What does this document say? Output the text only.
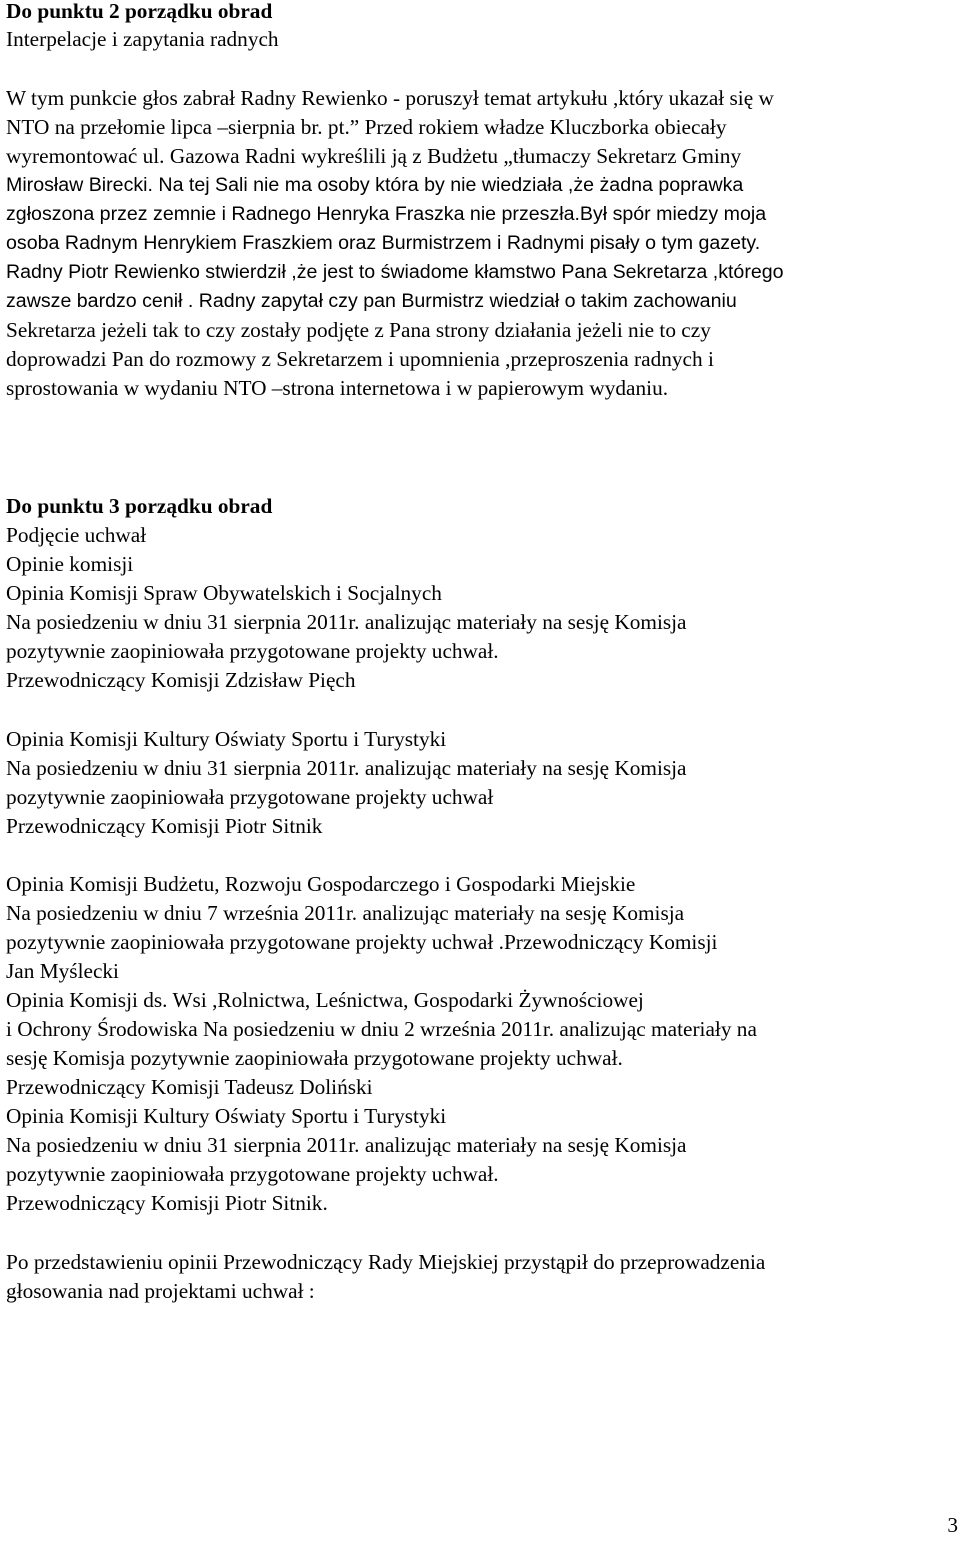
Do punktu 2 porządku obrad
Interpelacje i zapytania radnych
W tym punkcie głos zabrał Radny Rewienko - poruszył temat artykułu ,który ukazał się w
NTO na przełomie lipca –sierpnia br. pt.” Przed rokiem władze Kluczborka obiecały
wyremontować ul. Gazowa Radni wykreślili ją z Budżetu „tłumaczy Sekretarz Gminy
Mirosław Birecki. Na tej Sali nie ma osoby która by nie wiedziała ,że żadna poprawka
zgłoszona przez zemnie i Radnego Henryka Fraszka nie przeszła.Był spór miedzy moja
osoba Radnym Henrykiem Fraszkiem oraz Burmistrzem i Radnymi pisały o tym gazety.
Radny Piotr Rewienko stwierdził ,że jest to świadome kłamstwo Pana Sekretarza ,którego
zawsze bardzo cenił . Radny zapytał czy pan Burmistrz wiedział o takim zachowaniu
Sekretarza jeżeli tak to czy zostały podjęte z Pana strony działania jeżeli nie to czy
doprowadzi Pan do rozmowy z Sekretarzem i upomnienia ,przeproszenia radnych i
sprostowania w wydaniu NTO –strona internetowa i w papierowym wydaniu.
Do punktu 3 porządku obrad
Podjęcie uchwał
Opinie komisji
Opinia Komisji Spraw Obywatelskich i Socjalnych
Na posiedzeniu w dniu 31 sierpnia 2011r. analizując materiały na sesję Komisja
pozytywnie zaopiniowała przygotowane projekty uchwał.
Przewodniczący Komisji Zdzisław Pięch
Opinia Komisji Kultury Oświaty Sportu i Turystyki
Na posiedzeniu w dniu 31 sierpnia 2011r. analizując materiały na sesję Komisja
pozytywnie zaopiniowała przygotowane projekty uchwał
Przewodniczący Komisji Piotr Sitnik
Opinia Komisji Budżetu, Rozwoju Gospodarczego i Gospodarki Miejskie
Na posiedzeniu w dniu 7 września 2011r. analizując materiały na sesję Komisja
pozytywnie zaopiniowała przygotowane projekty uchwał .Przewodniczący Komisji
Jan Myślecki
Opinia Komisji ds. Wsi ,Rolnictwa, Leśnictwa, Gospodarki Żywnościowej
i Ochrony Środowiska Na posiedzeniu w dniu 2 września 2011r. analizując materiały na
sesję Komisja pozytywnie zaopiniowała przygotowane projekty uchwał.
Przewodniczący Komisji Tadeusz Doliński
Opinia Komisji Kultury Oświaty Sportu i Turystyki
Na posiedzeniu w dniu 31 sierpnia 2011r. analizując materiały na sesję Komisja
pozytywnie zaopiniowała przygotowane projekty uchwał.
Przewodniczący Komisji Piotr Sitnik.
Po przedstawieniu opinii Przewodniczący Rady Miejskiej przystąpił do przeprowadzenia
głosowania nad projektami uchwał :
3
